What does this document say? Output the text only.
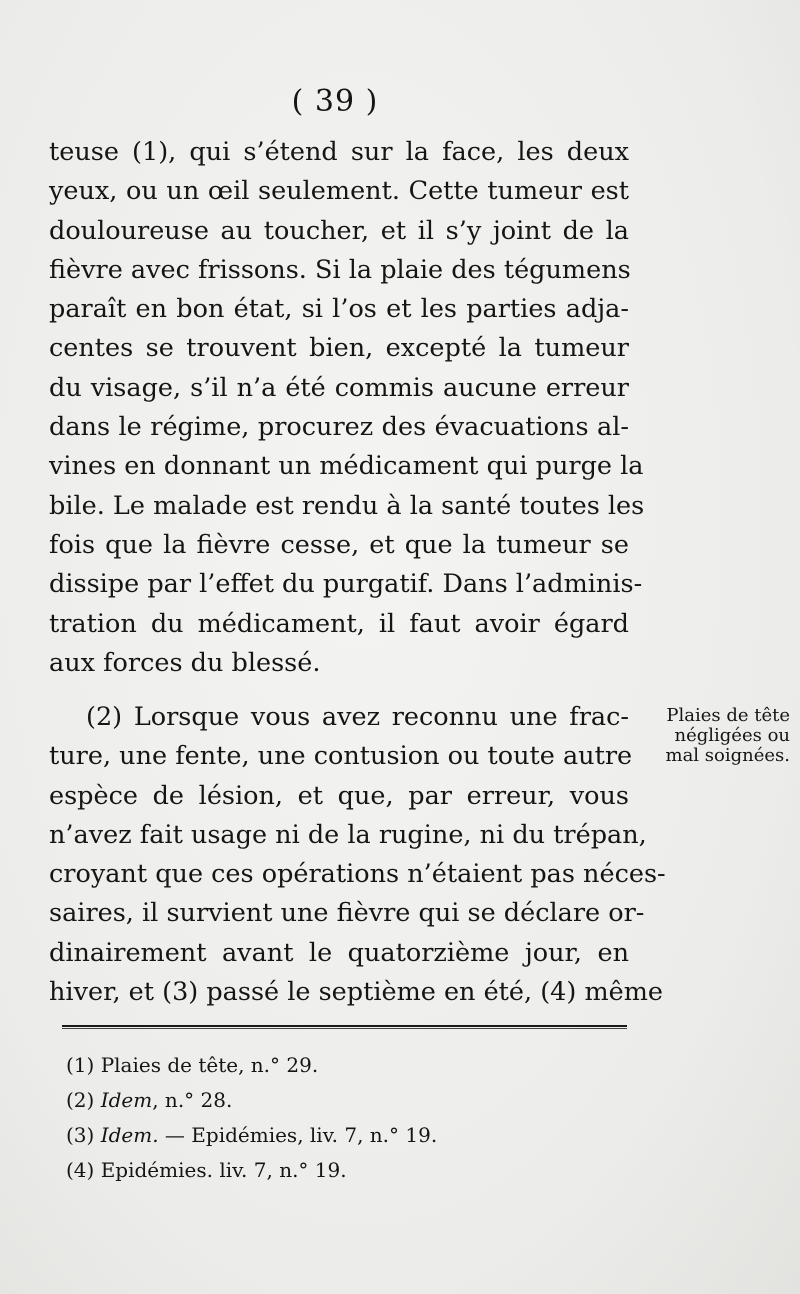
( 39 )
teuse (1), qui s’étend sur la face, les deux
yeux, ou un œil seulement. Cette tumeur est
douloureuse au toucher, et il s’y joint de la
fièvre avec frissons. Si la plaie des tégumens
paraît en bon état, si l’os et les parties adja-
centes se trouvent bien, excepté la tumeur
du visage, s’il n’a été commis aucune erreur
dans le régime, procurez des évacuations al-
vines en donnant un médicament qui purge la
bile. Le malade est rendu à la santé toutes les
fois que la fièvre cesse, et que la tumeur se
dissipe par l’effet du purgatif. Dans l’adminis-
tration du médicament, il faut avoir égard
aux forces du blessé.
(2) Lorsque vous avez reconnu une frac-
ture, une fente, une contusion ou toute autre
espèce de lésion, et que, par erreur, vous
n’avez fait usage ni de la rugine, ni du trépan,
croyant que ces opérations n’étaient pas néces-
saires, il survient une fièvre qui se déclare or-
dinairement avant le quatorzième jour, en
hiver, et (3) passé le septième en été, (4) même
Plaies de tête
négligées ou
mal soignées.
(1) Plaies de tête, n.° 29.
(2) Idem, n.° 28.
(3) Idem. — Epidémies, liv. 7, n.° 19.
(4) Epidémies. liv. 7, n.° 19.
